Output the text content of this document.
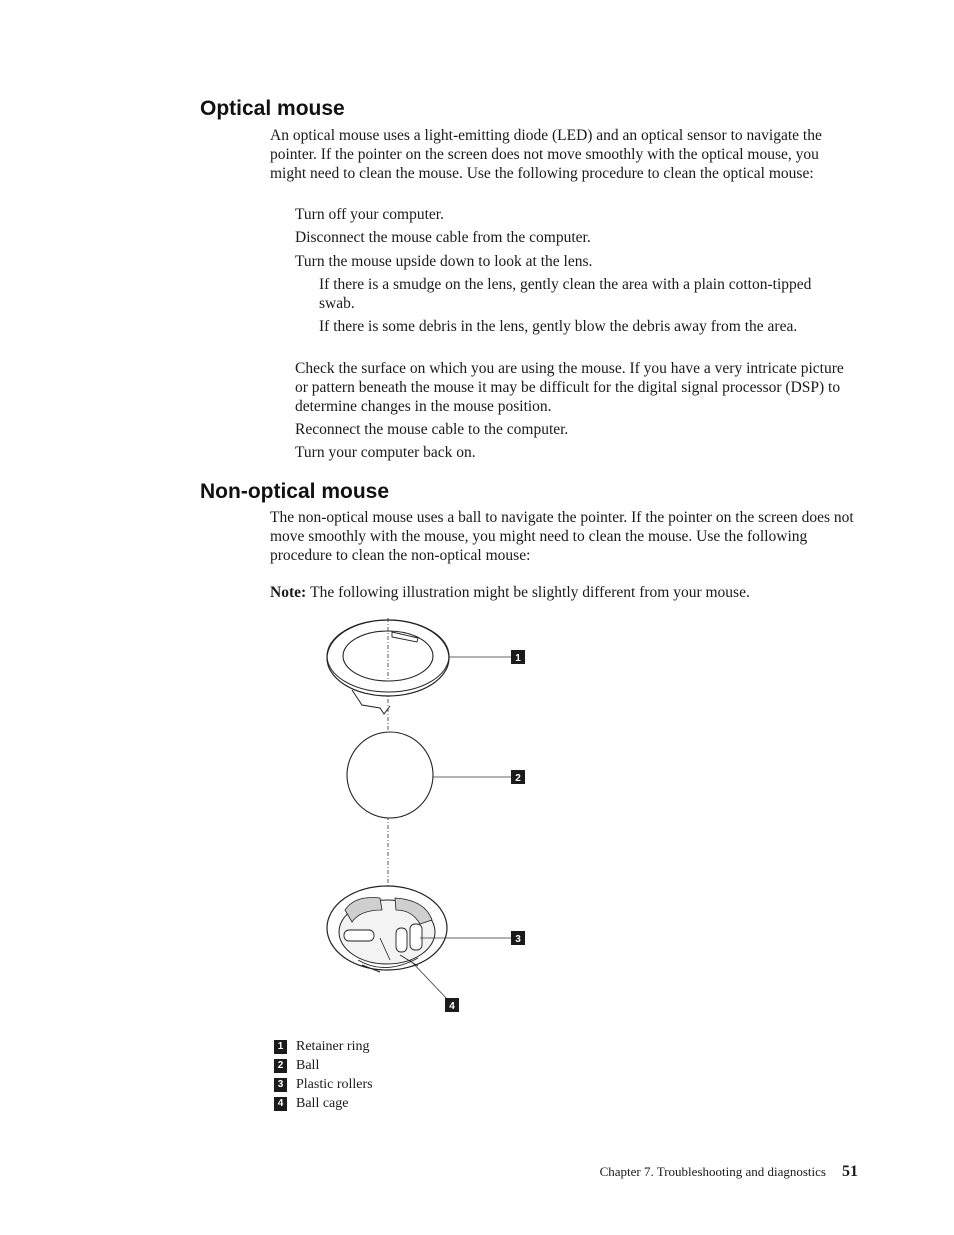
Optical mouse

An optical mouse uses a light-emitting diode (LED) and an optical sensor to navigate the pointer. If the pointer on the screen does not move smoothly with the optical mouse, you might need to clean the mouse. Use the following procedure to clean the optical mouse:

Turn off your computer.

Disconnect the mouse cable from the computer.

Turn the mouse upside down to look at the lens.

If there is a smudge on the lens, gently clean the area with a plain cotton-tipped swab.

If there is some debris in the lens, gently blow the debris away from the area.

Check the surface on which you are using the mouse. If you have a very intricate picture or pattern beneath the mouse it may be difficult for the digital signal processor (DSP) to determine changes in the mouse position.

Reconnect the mouse cable to the computer.

Turn your computer back on.

Non-optical mouse

The non-optical mouse uses a ball to navigate the pointer. If the pointer on the screen does not move smoothly with the mouse, you might need to clean the mouse. Use the following procedure to clean the non-optical mouse:

Note: The following illustration might be slightly different from your mouse.

1
2
3
4
1 Retainer ring
2 Ball
3 Plastic rollers
4 Ball cage
Chapter 7. Troubleshooting and diagnostics 51
